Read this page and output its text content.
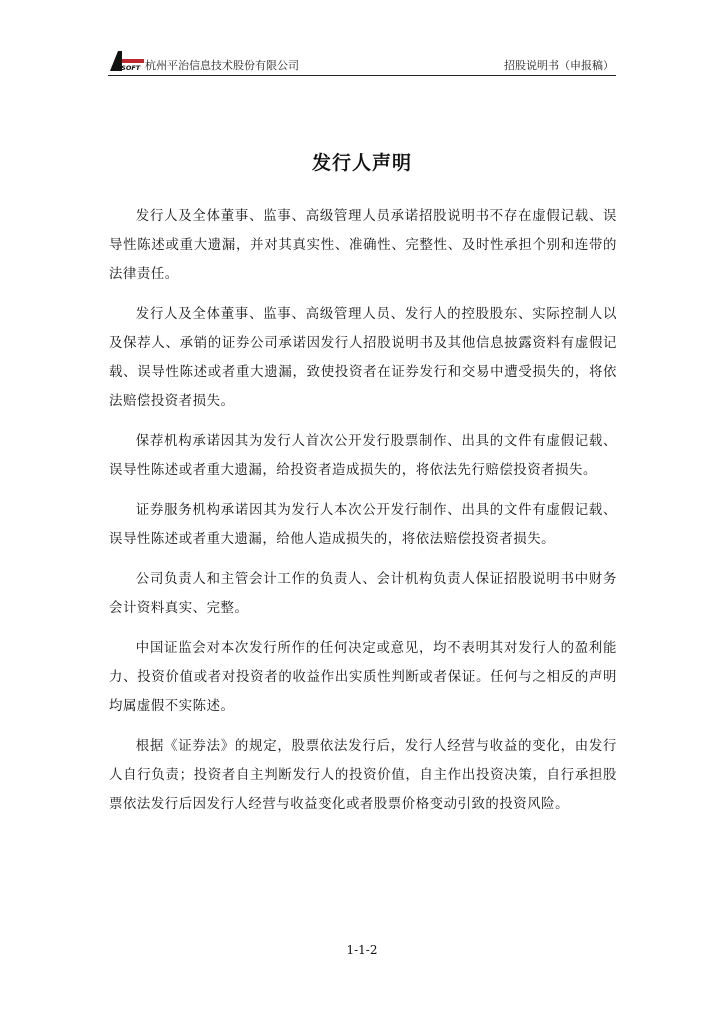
HYSOFT 杭州平治信息技术股份有限公司	招股说明书（申报稿）
发行人声明

发行人及全体董事、监事、高级管理人员承诺招股说明书不存在虚假记载、误导性陈述或重大遗漏，并对其真实性、准确性、完整性、及时性承担个别和连带的法律责任。

发行人及全体董事、监事、高级管理人员、发行人的控股股东、实际控制人以及保荐人、承销的证券公司承诺因发行人招股说明书及其他信息披露资料有虚假记载、误导性陈述或者重大遗漏，致使投资者在证券发行和交易中遭受损失的，将依法赔偿投资者损失。

保荐机构承诺因其为发行人首次公开发行股票制作、出具的文件有虚假记载、误导性陈述或者重大遗漏，给投资者造成损失的，将依法先行赔偿投资者损失。

证券服务机构承诺因其为发行人本次公开发行制作、出具的文件有虚假记载、误导性陈述或者重大遗漏，给他人造成损失的，将依法赔偿投资者损失。

公司负责人和主管会计工作的负责人、会计机构负责人保证招股说明书中财务会计资料真实、完整。

中国证监会对本次发行所作的任何决定或意见，均不表明其对发行人的盈利能力、投资价值或者对投资者的收益作出实质性判断或者保证。任何与之相反的声明均属虚假不实陈述。

根据《证券法》的规定，股票依法发行后，发行人经营与收益的变化，由发行人自行负责；投资者自主判断发行人的投资价值，自主作出投资决策，自行承担股票依法发行后因发行人经营与收益变化或者股票价格变动引致的投资风险。

1-1-2
